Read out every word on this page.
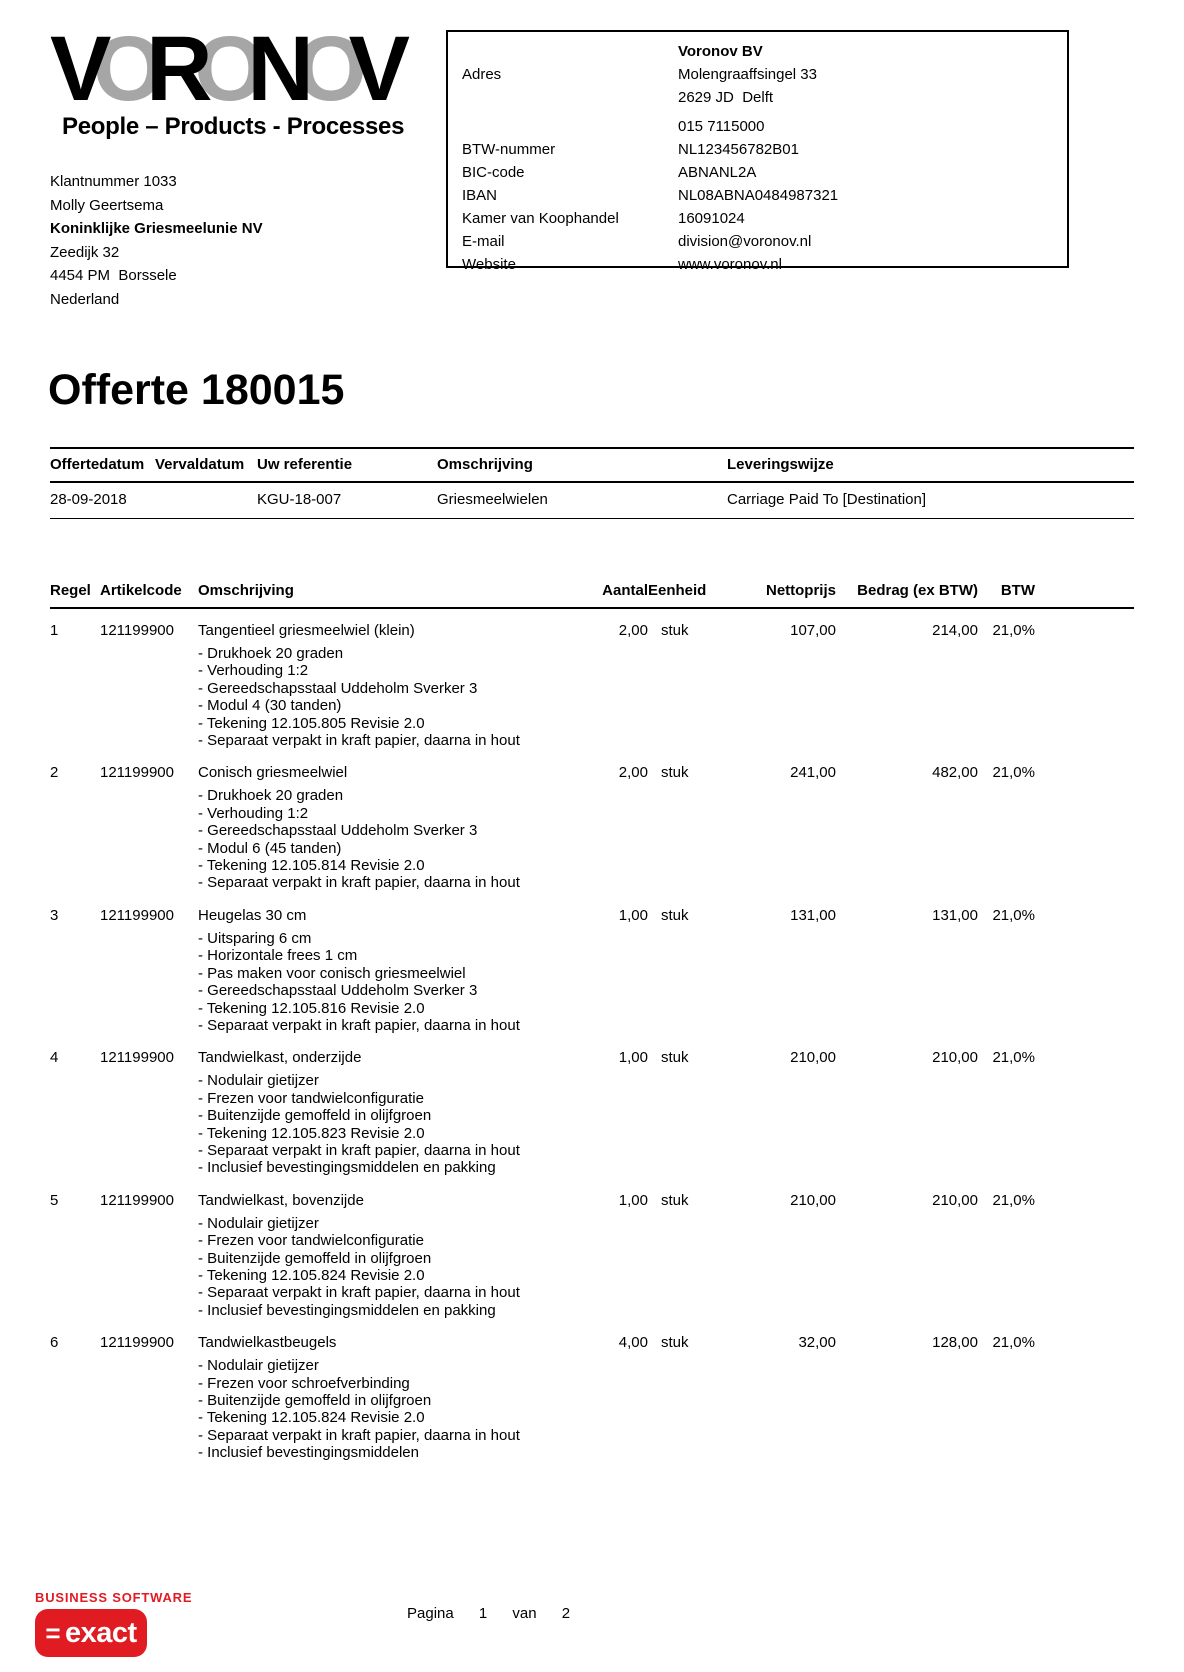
VORONOV
People – Products - Processes
Voronov BV
Adres	Molengraaffsingel 33
2629 JD  Delft
015 7115000
BTW-nummer	NL123456782B01
BIC-code	ABNANL2A
IBAN	NL08ABNA0484987321
Kamer van Koophandel	16091024
E-mail	division@voronov.nl
Website	www.voronov.nl
Klantnummer 1033
Molly Geertsema
Koninklijke Griesmeelunie NV
Zeedijk 32
4454 PM  Borssele
Nederland
Offerte 180015
Offertedatum	Vervaldatum	Uw referentie	Omschrijving	Leveringswijze
28-09-2018		KGU-18-007	Griesmeelwielen	Carriage Paid To [Destination]
Regel	Artikelcode	Omschrijving	Aantal	Eenheid	Nettoprijs	Bedrag (ex BTW)	BTW	
1	121199900	Tangentieel griesmeelwiel (klein)	2,00	stuk	107,00	214,00	21,0%	

- Drukhoek 20 graden
- Verhouding 1:2
- Gereedschapsstaal Uddeholm Sverker 3
- Modul 4 (30 tanden)
- Tekening 12.105.805 Revisie 2.0
- Separaat verpakt in kraft papier, daarna in hout

2	121199900	Conisch griesmeelwiel	2,00	stuk	241,00	482,00	21,0%	

- Drukhoek 20 graden
- Verhouding 1:2
- Gereedschapsstaal Uddeholm Sverker 3
- Modul 6 (45 tanden)
- Tekening 12.105.814 Revisie 2.0
- Separaat verpakt in kraft papier, daarna in hout

3	121199900	Heugelas 30 cm	1,00	stuk	131,00	131,00	21,0%	

- Uitsparing 6 cm
- Horizontale frees 1 cm
- Pas maken voor conisch griesmeelwiel
- Gereedschapsstaal Uddeholm Sverker 3
- Tekening 12.105.816 Revisie 2.0
- Separaat verpakt in kraft papier, daarna in hout

4	121199900	Tandwielkast, onderzijde	1,00	stuk	210,00	210,00	21,0%	

- Nodulair gietijzer
- Frezen voor tandwielconfiguratie
- Buitenzijde gemoffeld in olijfgroen
- Tekening 12.105.823 Revisie 2.0
- Separaat verpakt in kraft papier, daarna in hout
- Inclusief bevestingingsmiddelen en pakking

5	121199900	Tandwielkast, bovenzijde	1,00	stuk	210,00	210,00	21,0%	

- Nodulair gietijzer
- Frezen voor tandwielconfiguratie
- Buitenzijde gemoffeld in olijfgroen
- Tekening 12.105.824 Revisie 2.0
- Separaat verpakt in kraft papier, daarna in hout
- Inclusief bevestingingsmiddelen en pakking

6	121199900	Tandwielkastbeugels	4,00	stuk	32,00	128,00	21,0%	

- Nodulair gietijzer
- Frezen voor schroefverbinding
- Buitenzijde gemoffeld in olijfgroen
- Tekening 12.105.824 Revisie 2.0
- Separaat verpakt in kraft papier, daarna in hout
- Inclusief bevestingingsmiddelen
BUSINESS SOFTWARE
= exact
Pagina 1 van 2
